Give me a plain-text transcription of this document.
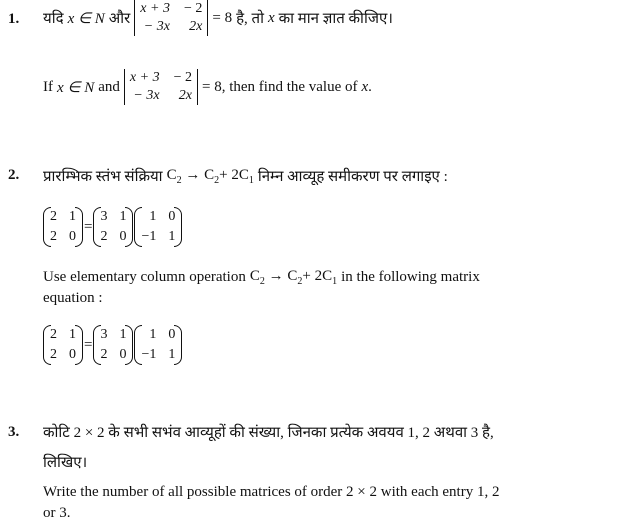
1. यदि x ∈ N और
x + 3 − 2
− 3x	2x
= 8 है, तो x का मान ज्ञात कीजिए।
If x ∈ N and
x + 3 − 2
− 3x	2x
= 8 , then find the value of x .
2. प्रारम्भिक स्तंभ संक्रिया $C_2 \to C_2+ 2C_1$ निम्न आव्यूह समीकरण पर लगाइए :
2 1
2 0
=
3 1
2 0
1 0
−1 1
Use elementary column operation $C_2 \to C_2+ 2C_1$ in the following matrix
equation :
2 1
2 0
=
3 1
2 0
1 0
−1 1
3. कोटि 2 × 2 के सभी सभंव आव्यूहों की संख्या, जिनका प्रत्येक अवयव 1, 2 अथवा 3 है,
लिखिए।
Write the number of all possible matrices of order 2 × 2 with each entry 1, 2
or 3.
